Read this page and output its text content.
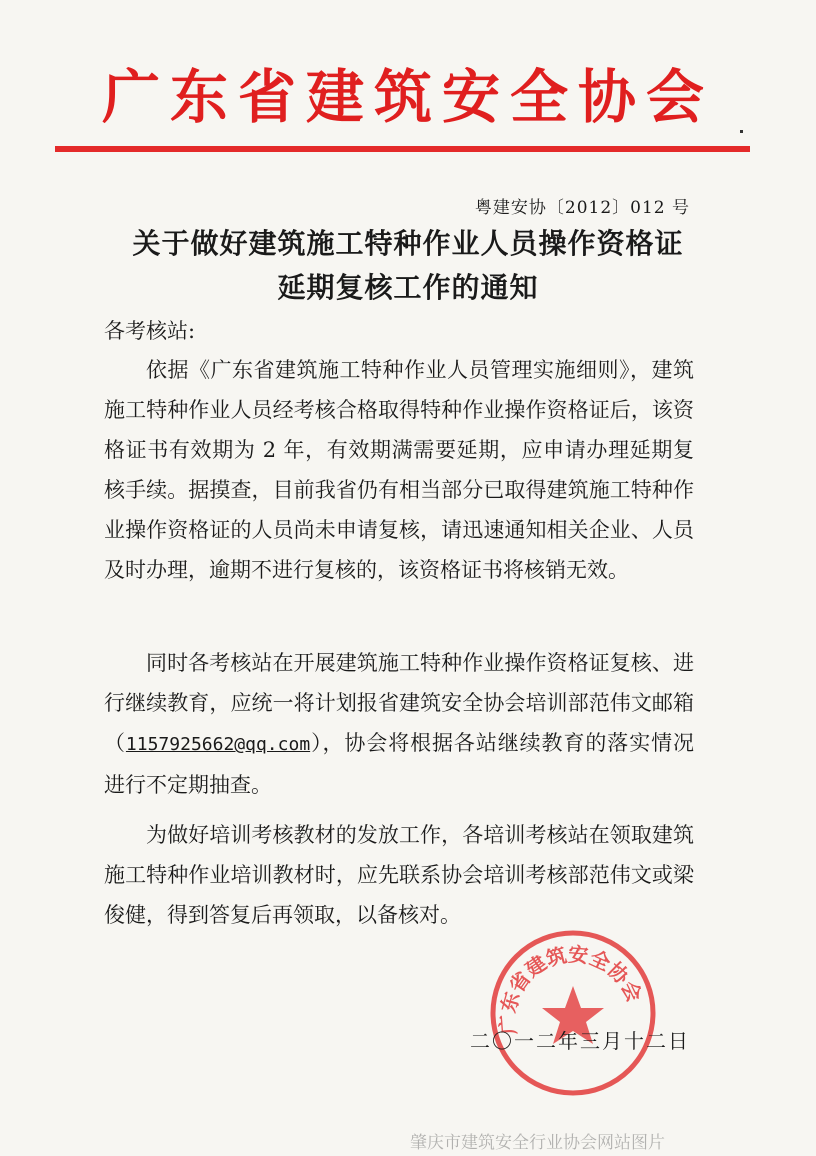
广东省建筑安全协会
粤建安协〔2012〕012 号
关于做好建筑施工特种作业人员操作资格证
延期复核工作的通知
各考核站:

依据《广东省建筑施工特种作业人员管理实施细则》，建筑施工特种作业人员经考核合格取得特种作业操作资格证后，该资格证书有效期为 2 年，有效期满需要延期，应申请办理延期复核手续。据摸查，目前我省仍有相当部分已取得建筑施工特种作业操作资格证的人员尚未申请复核，请迅速通知相关企业、人员及时办理，逾期不进行复核的，该资格证书将核销无效。

同时各考核站在开展建筑施工特种作业操作资格证复核、进行继续教育，应统一将计划报省建筑安全协会培训部范伟文邮箱（1157925662@qq.com），协会将根据各站继续教育的落实情况进行不定期抽查。

为做好培训考核教材的发放工作，各培训考核站在领取建筑施工特种作业培训教材时，应先联系协会培训考核部范伟文或梁俊健，得到答复后再领取，以备核对。

广东省建筑安全协会
二〇一二年三月十二日
肇庆市建筑安全行业协会网站图片
